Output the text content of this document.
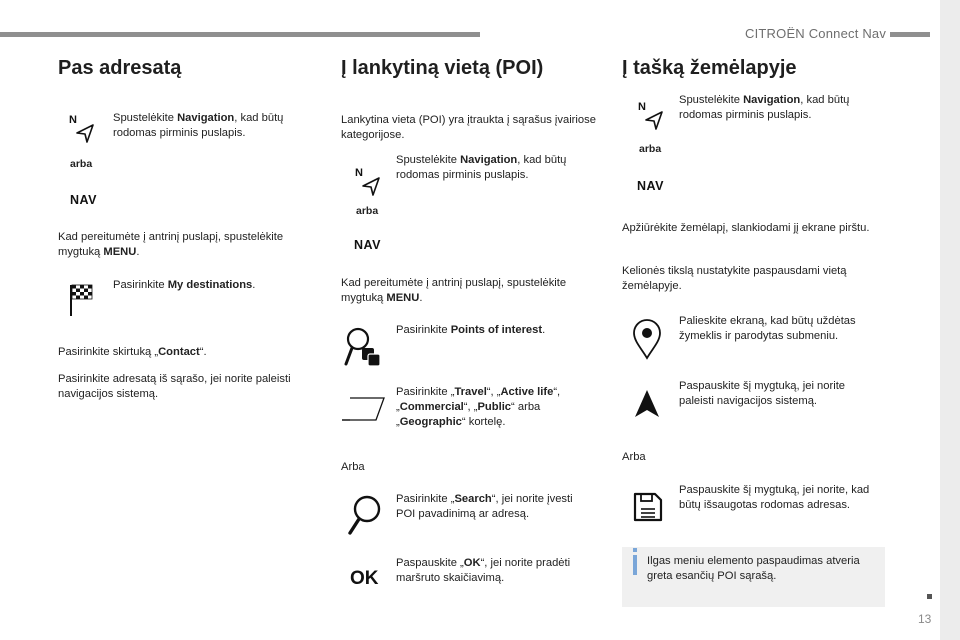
CITROËN Connect Nav
13
Pas adresatą
N	Spustelėkite Navigation, kad būtų rodomas pirminis puslapis.
arba
NAV
Kad pereitumėte į antrinį puslapį, spustelėkite mygtuką MENU.
Pasirinkite My destinations.
Pasirinkite skirtuką „Contact“.
Pasirinkite adresatą iš sąrašo, jei norite paleisti navigacijos sistemą.
Į lankytiną vietą (POI)
Lankytina vieta (POI) yra įtraukta į sąrašus įvairiose kategorijose.
N
Spustelėkite Navigation, kad būtų rodomas pirminis puslapis.
arba
NAV
Kad pereitumėte į antrinį puslapį, spustelėkite mygtuką MENU.
Pasirinkite Points of interest.
Pasirinkite „Travel“, „Active life“, „Commercial“, „Public“ arba „Geographic“ kortelę.
Arba
Pasirinkite „Search“, jei norite įvesti POI pavadinimą ar adresą.
OK
Paspauskite „OK“, jei norite pradėti maršruto skaičiavimą.
Į tašką žemėlapyje
N
Spustelėkite Navigation, kad būtų rodomas pirminis puslapis.
arba
NAV
Apžiūrėkite žemėlapį, slankiodami jį ekrane pirštu.
Kelionės tikslą nustatykite paspausdami vietą žemėlapyje.
Palieskite ekraną, kad būtų uždėtas žymeklis ir parodytas submeniu.
Paspauskite šį mygtuką, jei norite paleisti navigacijos sistemą.
Arba
Paspauskite šį mygtuką, jei norite, kad būtų išsaugotas rodomas adresas.
Ilgas meniu elemento paspaudimas atveria greta esančių POI sąrašą.
